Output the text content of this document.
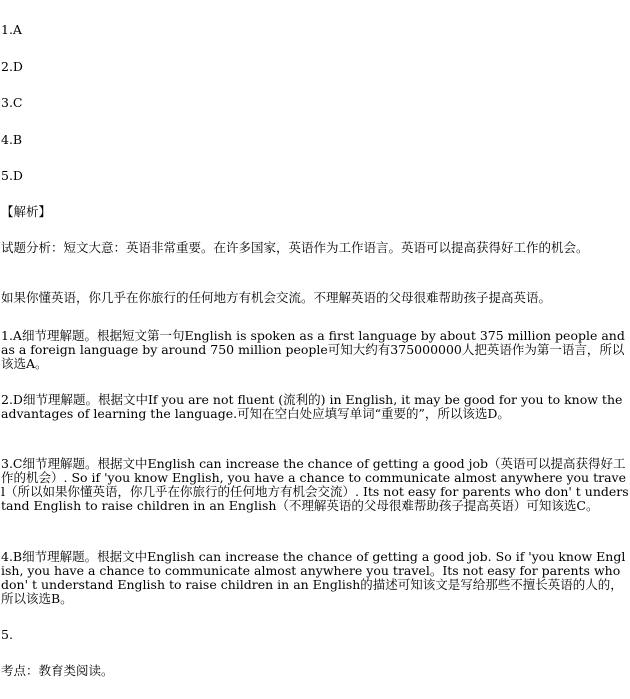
1.A
2.D
3.C
4.B
5.D
【解析】
试题分析：短文大意：英语非常重要。在许多国家，英语作为工作语言。英语可以提高获得好工作的机会。
如果你懂英语，你几乎在你旅行的任何地方有机会交流。不理解英语的父母很难帮助孩子提高英语。
1.A细节理解题。根据短文第一句English is spoken as a first language by about 375 million people and as a foreign language by around 750 million people可知大约有375000000人把英语作为第一语言，所以该选A。
2.D细节理解题。根据文中If you are not fluent (流利的) in English, it may be good for you to know the advantages of learning the language.可知在空白处应填写单词“重要的”，所以该选D。
3.C细节理解题。根据文中English can increase the chance of getting a good job（英语可以提高获得好工作的机会）. So if 'you know English, you have a chance to communicate almost anywhere you travel（所以如果你懂英语，你几乎在你旅行的任何地方有机会交流）. Its not easy for parents who don' t understand English to raise children in an English（不理解英语的父母很难帮助孩子提高英语）可知该选C。
4.B细节理解题。根据文中English can increase the chance of getting a good job. So if 'you know English, you have a chance to communicate almost anywhere you travel。Its not easy for parents who don' t understand English to raise children in an English的描述可知该文是写给那些不擅长英语的人的，所以该选B。
5.
考点：教育类阅读。
